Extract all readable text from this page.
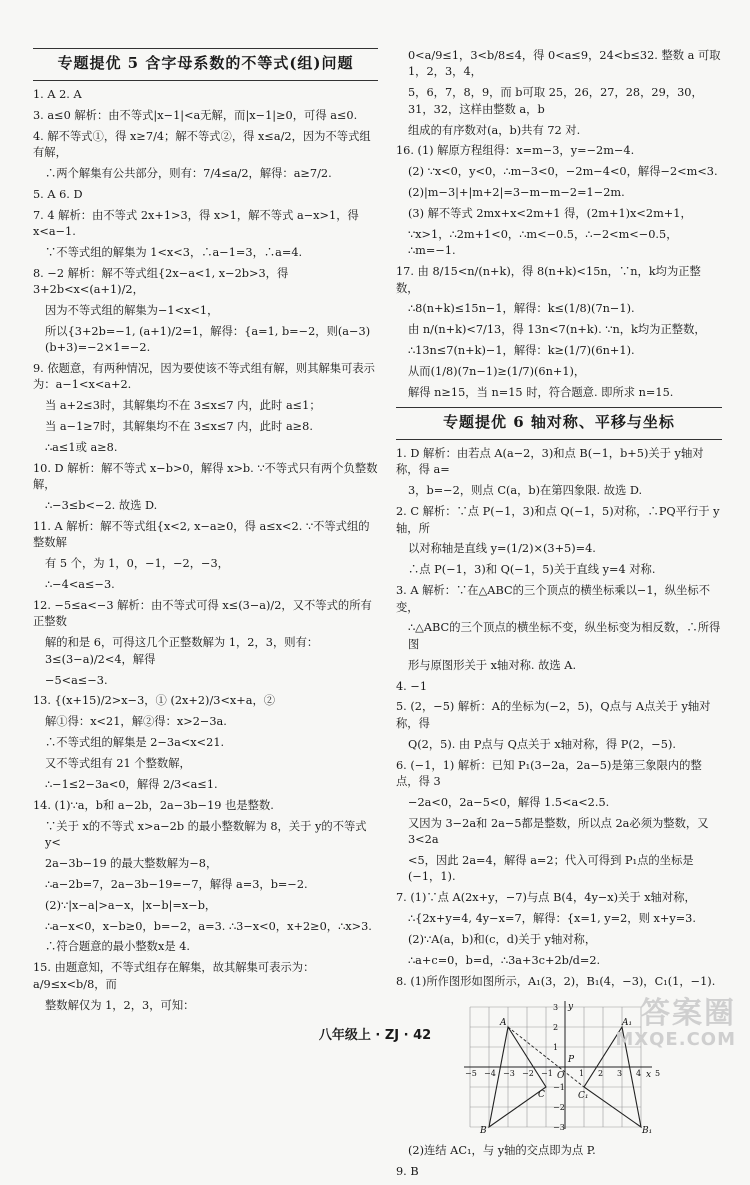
专题提优 5 含字母系数的不等式(组)问题

1. A 2. A

3. a≤0 解析：由不等式|x−1|<a无解，而|x−1|≥0，可得 a≤0.

4. 解不等式①，得 x≥7/4；解不等式②，得 x≤a/2，因为不等式组有解，

∴两个解集有公共部分，则有：7/4≤a/2，解得：a≥7/2.

5. A 6. D

7. 4 解析：由不等式 2x+1>3，得 x>1，解不等式 a−x>1，得 x<a−1.

∵不等式组的解集为 1<x<3，∴a−1=3，∴a=4.

8. −2 解析：解不等式组{2x−a<1, x−2b>3，得 3+2b<x<(a+1)/2，

因为不等式组的解集为−1<x<1，

所以{3+2b=−1, (a+1)/2=1，解得：{a=1, b=−2，则(a−3)(b+3)=−2×1=−2.

9. 依题意，有两种情况，因为要使该不等式组有解，则其解集可表示为：a−1<x<a+2.

当 a+2≤3时，其解集均不在 3≤x≤7 内，此时 a≤1；

当 a−1≥7时，其解集均不在 3≤x≤7 内，此时 a≥8.

∴a≤1或 a≥8.

10. D 解析：解不等式 x−b>0，解得 x>b. ∵不等式只有两个负整数解，

∴−3≤b<−2. 故选 D.

11. A 解析：解不等式组{x<2, x−a≥0，得 a≤x<2. ∵不等式组的整数解

有 5 个，为 1，0，−1，−2，−3，

∴−4<a≤−3.

12. −5≤a<−3 解析：由不等式可得 x≤(3−a)/2，又不等式的所有正整数

解的和是 6，可得这几个正整数解为 1，2，3，则有：3≤(3−a)/2<4，解得

−5<a≤−3.

13. {(x+15)/2>x−3，① (2x+2)/3<x+a，②

解①得：x<21，解②得：x>2−3a.

∴不等式组的解集是 2−3a<x<21.

又不等式组有 21 个整数解，

∴−1≤2−3a<0，解得 2/3<a≤1.

14. (1)∵a，b和 a−2b，2a−3b−19 也是整数.

∵关于 x的不等式 x>a−2b 的最小整数解为 8，关于 y的不等式 y<

2a−3b−19 的最大整数解为−8，

∴a−2b=7，2a−3b−19=−7，解得 a=3，b=−2.

(2)∵|x−a|>a−x，|x−b|=x−b，

∴a−x<0，x−b≥0，b=−2，a=3. ∴3−x<0，x+2≥0，∴x>3.

∴符合题意的最小整数x是 4.

15. 由题意知，不等式组存在解集，故其解集可表示为：a/9≤x<b/8，而

整数解仅为 1，2，3，可知：

0<a/9≤1，3<b/8≤4，得 0<a≤9，24<b≤32. 整数 a 可取 1，2，3，4，

5，6，7，8，9，而 b可取 25，26，27，28，29，30，31，32，这样由整数 a，b

组成的有序数对(a，b)共有 72 对.

16. (1) 解原方程组得：x=m−3，y=−2m−4.

(2) ∵x<0，y<0，∴m−3<0，−2m−4<0，解得−2<m<3.

(2)|m−3|+|m+2|=3−m−m−2=1−2m.

(3) 解不等式 2mx+x<2m+1 得，(2m+1)x<2m+1，

∵x>1，∴2m+1<0，∴m<−0.5，∴−2<m<−0.5，∴m=−1.

17. 由 8/15<n/(n+k)，得 8(n+k)<15n，∵n，k均为正整数，

∴8(n+k)≤15n−1，解得：k≤(1/8)(7n−1).

由 n/(n+k)<7/13，得 13n<7(n+k). ∵n，k均为正整数，

∴13n≤7(n+k)−1，解得：k≥(1/7)(6n+1).

从而(1/8)(7n−1)≥(1/7)(6n+1)，

解得 n≥15，当 n=15 时，符合题意. 即所求 n=15.

专题提优 6 轴对称、平移与坐标

1. D 解析：由若点 A(a−2，3)和点 B(−1，b+5)关于 y轴对称，得 a=

3，b=−2，则点 C(a，b)在第四象限. 故选 D.

2. C 解析：∵点 P(−1，3)和点 Q(−1，5)对称，∴PQ平行于 y轴，所

以对称轴是直线 y=(1/2)×(3+5)=4.

∴点 P(−1，3)和 Q(−1，5)关于直线 y=4 对称.

3. A 解析：∵在△ABC的三个顶点的横坐标乘以−1，纵坐标不变，

∴△ABC的三个顶点的横坐标不变，纵坐标变为相反数，∴所得图

形与原图形关于 x轴对称. 故选 A.

4. −1

5. (2，−5) 解析：A的坐标为(−2，5)，Q点与 A点关于 y轴对称，得

Q(2，5). 由 P点与 Q点关于 x轴对称，得 P(2，−5).

6. (−1，1) 解析：已知 P₁(3−2a，2a−5)是第三象限内的整点，得 3

−2a<0，2a−5<0，解得 1.5<a<2.5.

又因为 3−2a和 2a−5都是整数，所以点 2a必须为整数，又 3<2a

<5，因此 2a=4，解得 a=2；代入可得到 P₁点的坐标是(−1，1).

7. (1)∵点 A(2x+y，−7)与点 B(4，4y−x)关于 x轴对称，

∴{2x+y=4, 4y−x=7，解得：{x=1, y=2，则 x+y=3.

(2)∵A(a，b)和(c，d)关于 y轴对称，

∴a+c=0，b=d，∴3a+3c+2b/d=2.

8. (1)所作图形如图所示，A₁(3，2)，B₁(4，−3)，C₁(1，−1).

y
x
O
A	A₁
B	B₁
C	C₁
P
−5 −4 −3 −2 −1	1 2 3 4 5
3
2
1
−1
−2
−3

(2)连结 AC₁，与 y轴的交点即为点 P.

9. B

八年级上 · ZJ · 42
答案圈
MXQE.COM
